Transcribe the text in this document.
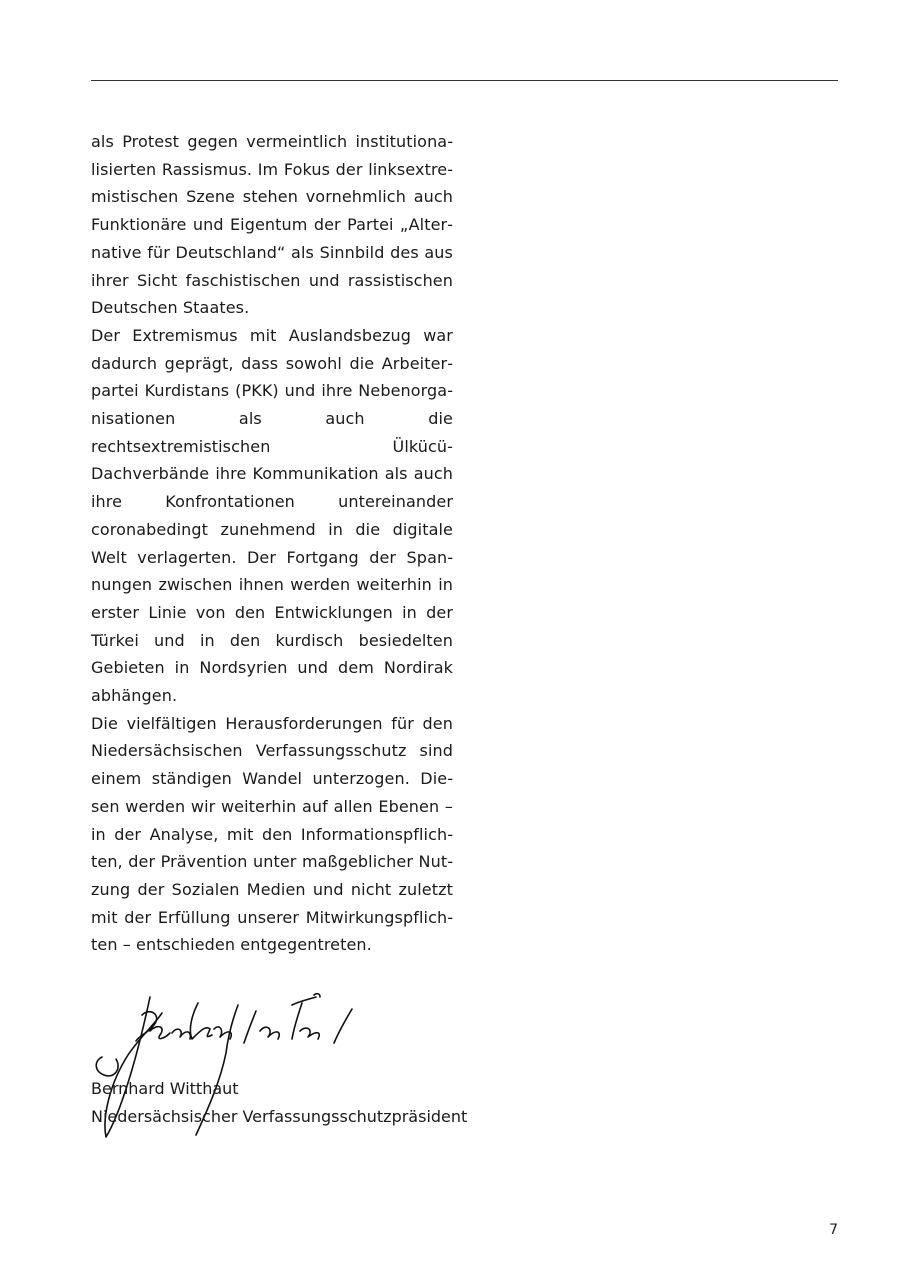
als Protest gegen vermeintlich institutionalisierten Rassismus. Im Fokus der linksextremistischen Szene stehen vornehmlich auch Funktionäre und Eigentum der Partei „Alternative für Deutschland“ als Sinnbild des aus ihrer Sicht faschistischen und rassistischen Deutschen Staates.

Der Extremismus mit Auslandsbezug war dadurch geprägt, dass sowohl die Arbeiterpartei Kurdistans (PKK) und ihre Nebenorganisationen als auch die rechtsextremistischen Ülkücü-Dachverbände ihre Kommunikation als auch ihre Konfrontationen untereinander coronabedingt zunehmend in die digitale Welt verlagerten. Der Fortgang der Spannungen zwischen ihnen werden weiterhin in erster Linie von den Entwicklungen in der Türkei und in den kurdisch besiedelten Gebieten in Nordsyrien und dem Nordirak abhängen.

Die vielfältigen Herausforderungen für den Niedersächsischen Verfassungsschutz sind einem ständigen Wandel unterzogen. Diesen werden wir weiterhin auf allen Ebenen – in der Analyse, mit den Informationspflichten, der Prävention unter maßgeblicher Nutzung der Sozialen Medien und nicht zuletzt mit der Erfüllung unserer Mitwirkungspflichten – entschieden entgegentreten.

Bernhard Witthaut
Niedersächsischer Verfassungsschutzpräsident
7
